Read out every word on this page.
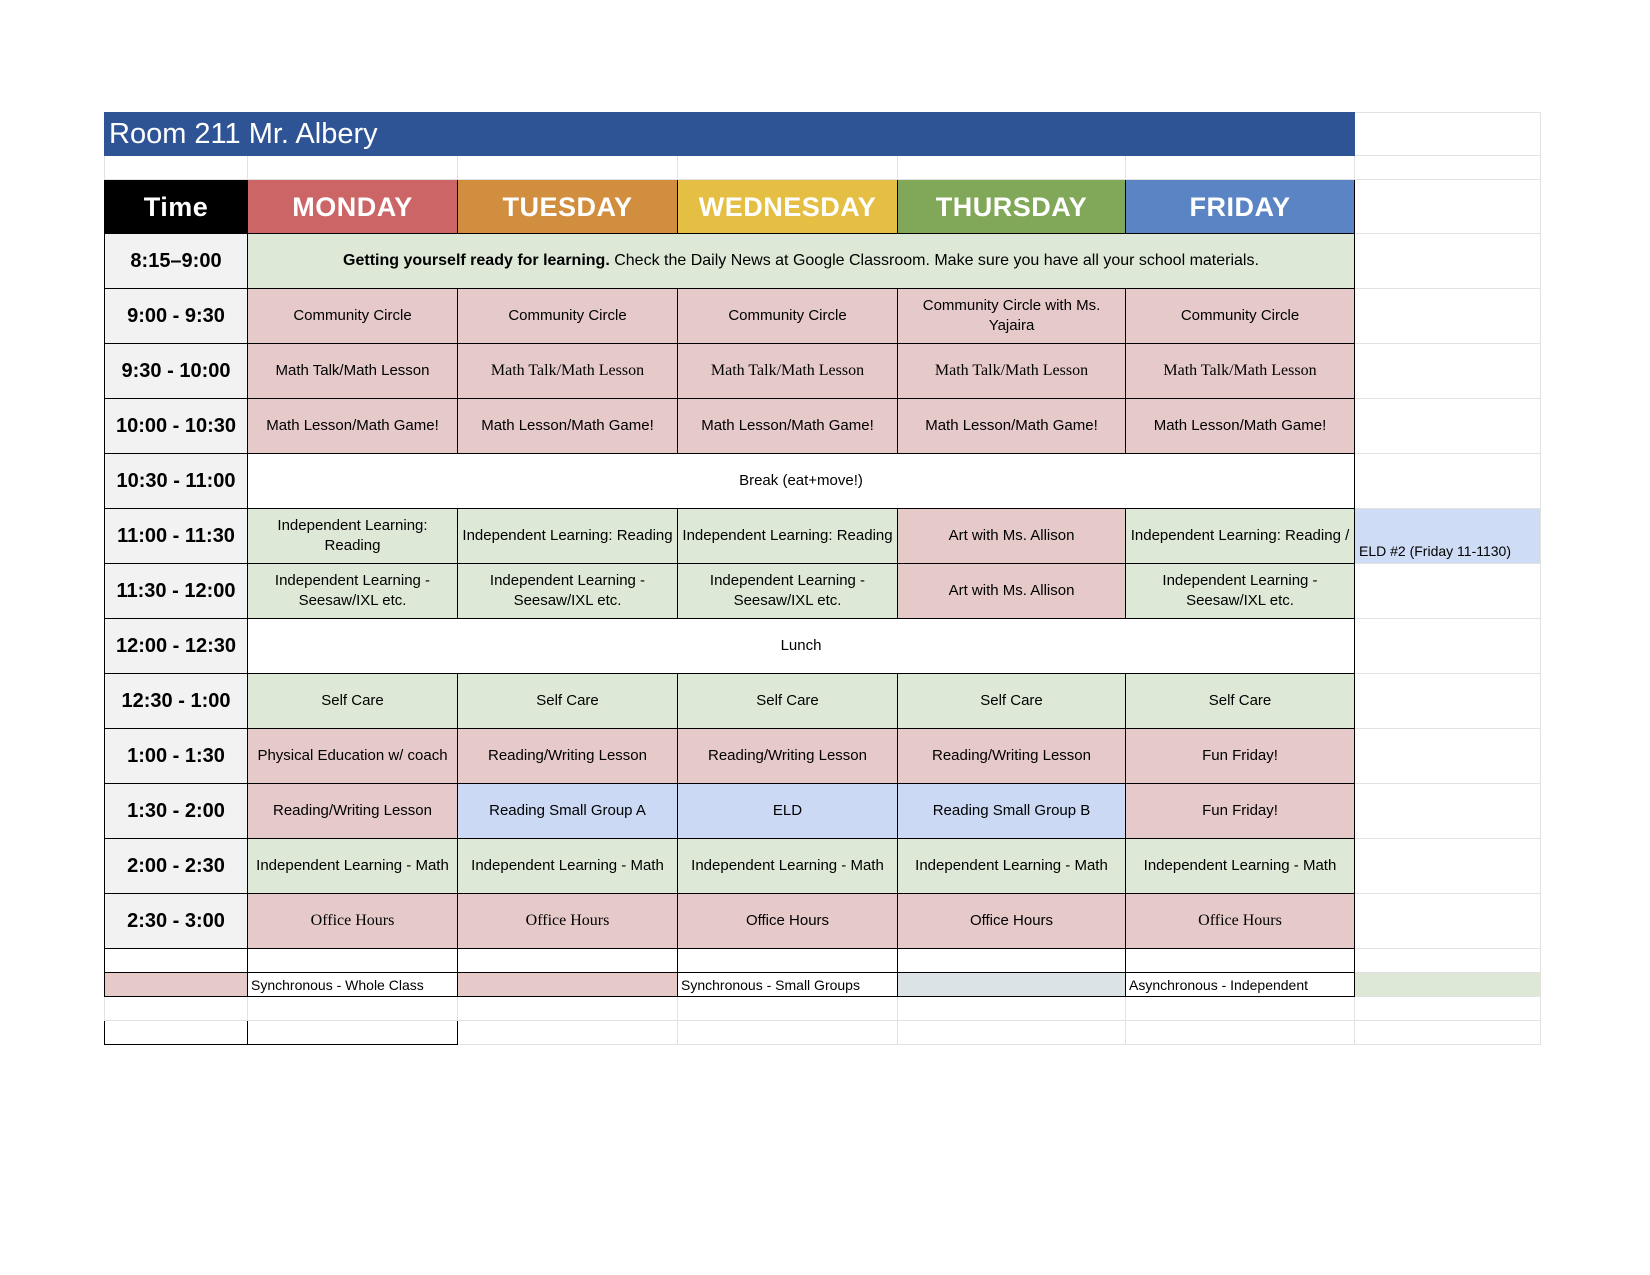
Room 211 Mr. Albery						

Time	MONDAY	TUESDAY	WEDNESDAY	THURSDAY	FRIDAY	
8:15–9:00	Getting yourself ready for learning. Check the Daily News at Google Classroom. Make sure you have all your school materials.					
9:00 - 9:30	Community Circle	Community Circle	Community Circle	Community Circle with Ms. Yajaira	Community Circle	
9:30 - 10:00	Math Talk/Math Lesson	Math Talk/Math Lesson	Math Talk/Math Lesson	Math Talk/Math Lesson	Math Talk/Math Lesson	
10:00 - 10:30	Math Lesson/Math Game!	Math Lesson/Math Game!	Math Lesson/Math Game!	Math Lesson/Math Game!	Math Lesson/Math Game!	
10:30 - 11:00	Break (eat+move!)					
11:00 - 11:30	Independent Learning: Reading	Independent Learning: Reading	Independent Learning: Reading	Art with Ms. Allison	Independent Learning: Reading /	ELD #2 (Friday 11-1130)
11:30 - 12:00	Independent Learning - Seesaw/IXL etc.	Independent Learning - Seesaw/IXL etc.	Independent Learning - Seesaw/IXL etc.	Art with Ms. Allison	Independent Learning - Seesaw/IXL etc.	
12:00 - 12:30	Lunch					
12:30 - 1:00	Self Care	Self Care	Self Care	Self Care	Self Care	
1:00 - 1:30	Physical Education w/ coach	Reading/Writing Lesson	Reading/Writing Lesson	Reading/Writing Lesson	Fun Friday!	
1:30 - 2:00	Reading/Writing Lesson	Reading Small Group A	ELD	Reading Small Group B	Fun Friday!	
2:00 - 2:30	Independent Learning - Math	Independent Learning - Math	Independent Learning - Math	Independent Learning - Math	Independent Learning - Math	
2:30 - 3:00	Office Hours	Office Hours	Office Hours	Office Hours	Office Hours	

	Synchronous - Whole Class		Synchronous - Small Groups		Asynchronous - Independent	
